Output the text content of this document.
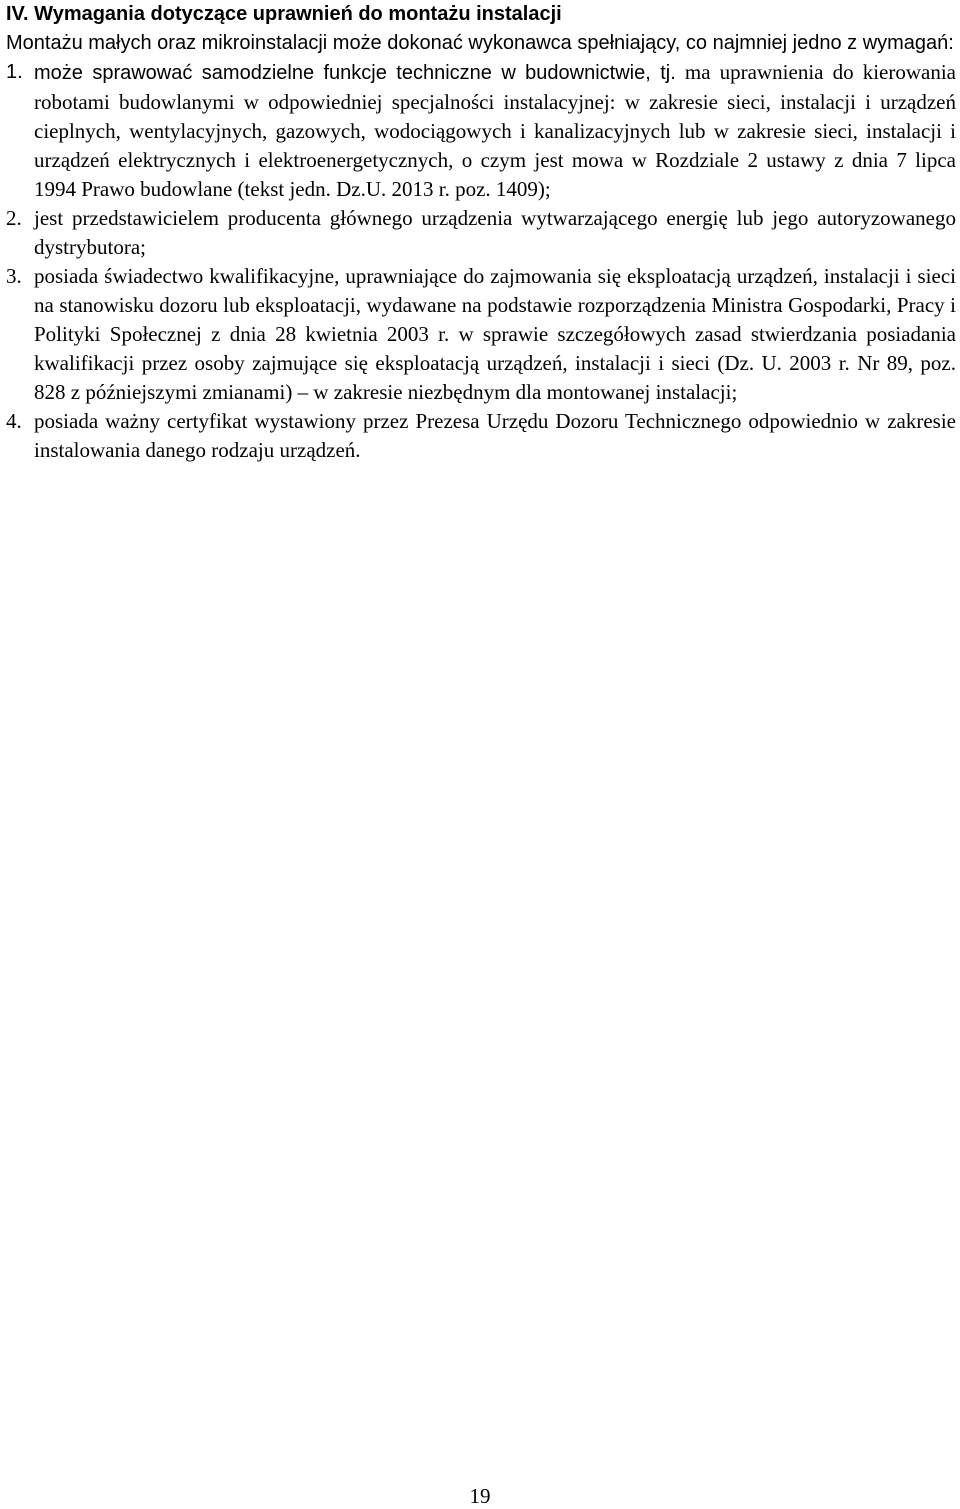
IV. Wymagania dotyczące uprawnień do montażu instalacji

Montażu małych oraz mikroinstalacji może dokonać wykonawca spełniający, co najmniej jedno z wymagań:

1. może sprawować samodzielne funkcje techniczne w budownictwie, tj. ma uprawnienia do kierowania robotami budowlanymi w odpowiedniej specjalności instalacyjnej: w zakresie sieci, instalacji i urządzeń cieplnych, wentylacyjnych, gazowych, wodociągowych i kanalizacyjnych lub w zakresie sieci, instalacji i urządzeń elektrycznych i elektroenergetycznych, o czym jest mowa w Rozdziale 2 ustawy z dnia 7 lipca 1994 Prawo budowlane (tekst jedn. Dz.U. 2013 r. poz. 1409);
2. jest przedstawicielem producenta głównego urządzenia wytwarzającego energię lub jego autoryzowanego dystrybutora;
3. posiada świadectwo kwalifikacyjne, uprawniające do zajmowania się eksploatacją urządzeń, instalacji i sieci na stanowisku dozoru lub eksploatacji, wydawane na podstawie rozporządzenia Ministra Gospodarki, Pracy i Polityki Społecznej z dnia 28 kwietnia 2003 r. w sprawie szczegółowych zasad stwierdzania posiadania kwalifikacji przez osoby zajmujące się eksploatacją urządzeń, instalacji i sieci (Dz. U. 2003 r. Nr 89, poz. 828 z późniejszymi zmianami) – w zakresie niezbędnym dla montowanej instalacji;
4. posiada ważny certyfikat wystawiony przez Prezesa Urzędu Dozoru Technicznego odpowiednio w zakresie instalowania danego rodzaju urządzeń.
19
